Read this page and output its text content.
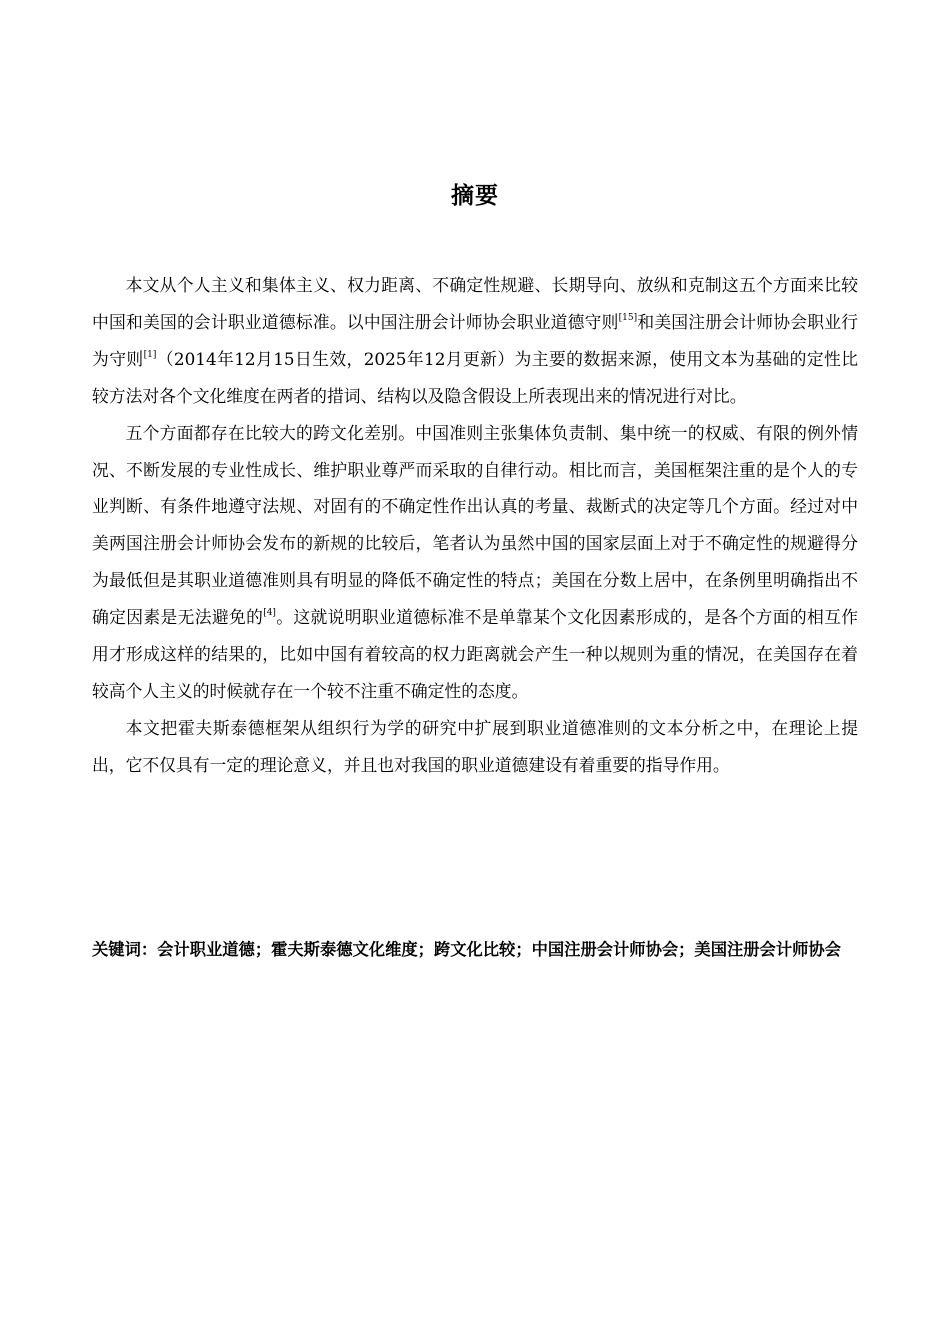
摘要

本文从个人主义和集体主义、权力距离、不确定性规避、长期导向、放纵和克制这五个方面来比较中国和美国的会计职业道德标准。以中国注册会计师协会职业道德守则[15]和美国注册会计师协会职业行为守则[1]（2014年12月15日生效，2025年12月更新）为主要的数据来源，使用文本为基础的定性比较方法对各个文化维度在两者的措词、结构以及隐含假设上所表现出来的情况进行对比。

五个方面都存在比较大的跨文化差别。中国准则主张集体负责制、集中统一的权威、有限的例外情况、不断发展的专业性成长、维护职业尊严而采取的自律行动。相比而言，美国框架注重的是个人的专业判断、有条件地遵守法规、对固有的不确定性作出认真的考量、裁断式的决定等几个方面。经过对中美两国注册会计师协会发布的新规的比较后，笔者认为虽然中国的国家层面上对于不确定性的规避得分为最低但是其职业道德准则具有明显的降低不确定性的特点；美国在分数上居中，在条例里明确指出不确定因素是无法避免的[4]。这就说明职业道德标准不是单靠某个文化因素形成的，是各个方面的相互作用才形成这样的结果的，比如中国有着较高的权力距离就会产生一种以规则为重的情况，在美国存在着较高个人主义的时候就存在一个较不注重不确定性的态度。

本文把霍夫斯泰德框架从组织行为学的研究中扩展到职业道德准则的文本分析之中，在理论上提出，它不仅具有一定的理论意义，并且也对我国的职业道德建设有着重要的指导作用。

关键词：会计职业道德；霍夫斯泰德文化维度；跨文化比较；中国注册会计师协会；美国注册会计师协会
